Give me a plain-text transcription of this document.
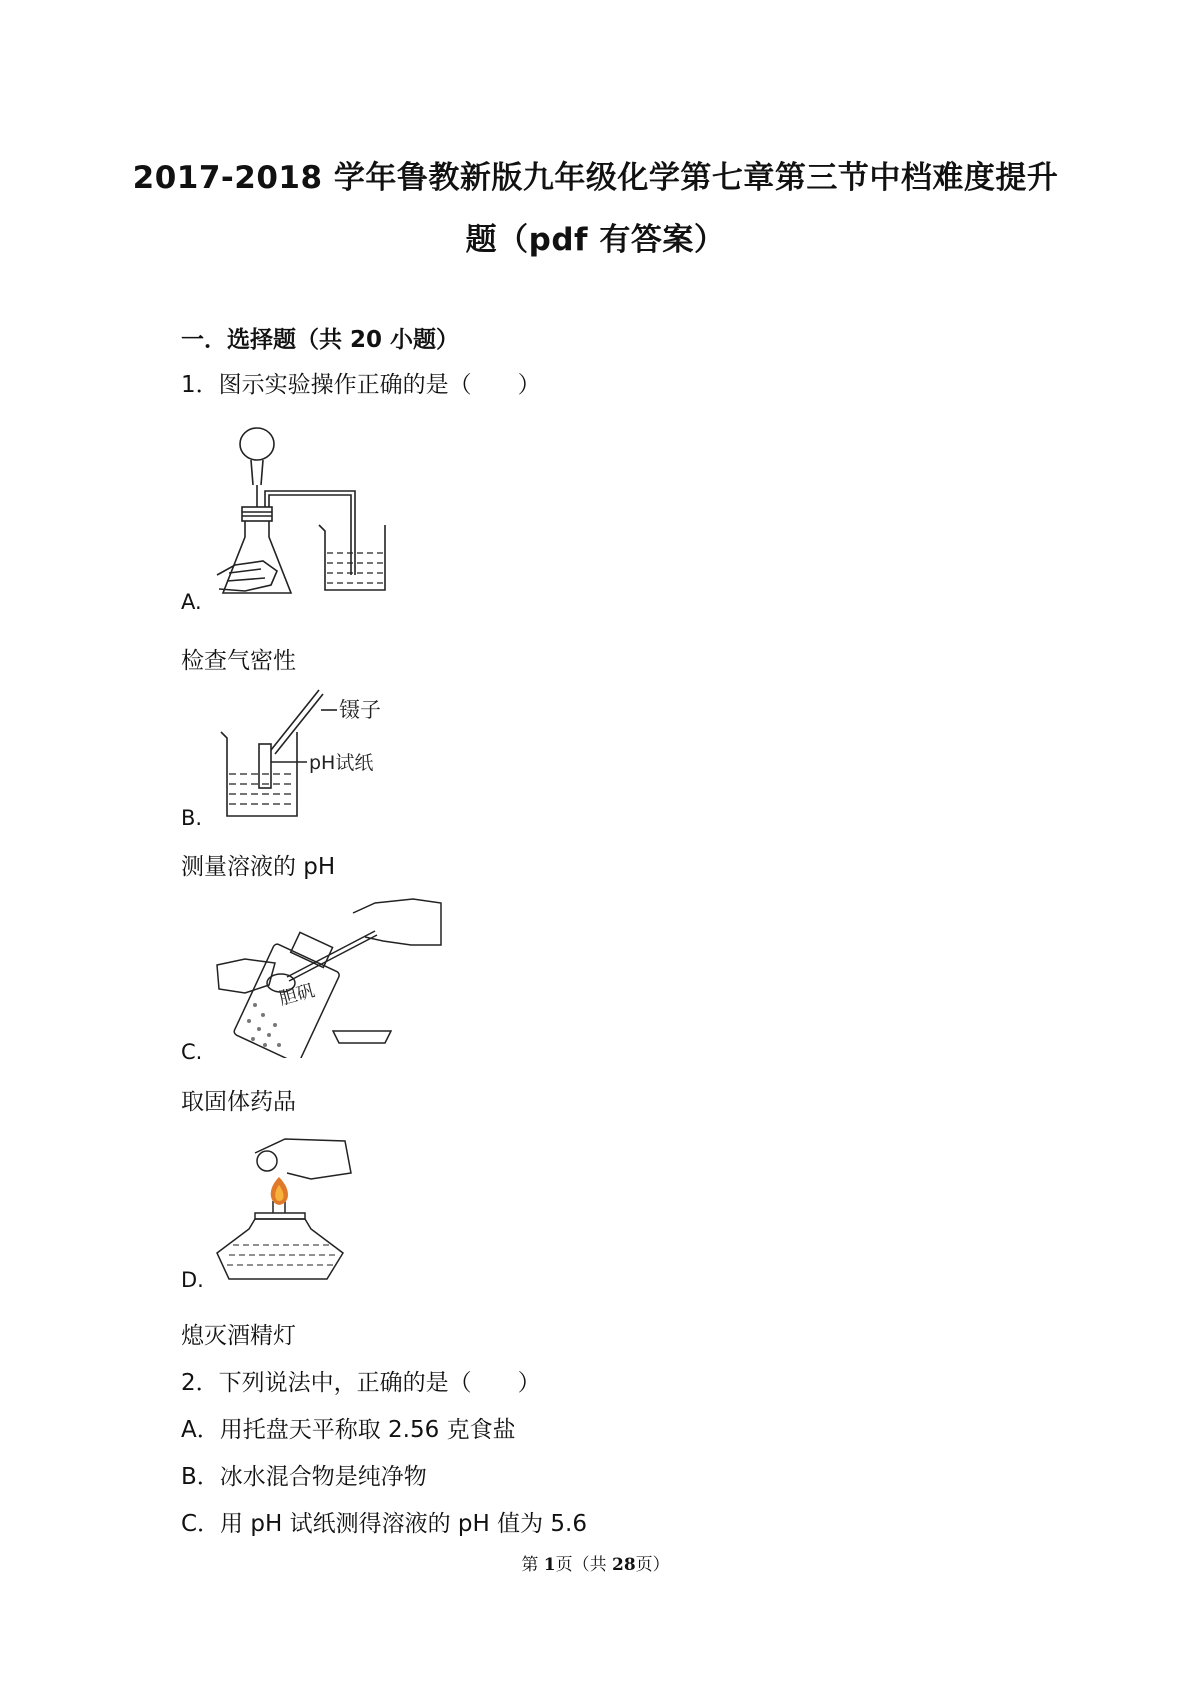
2017-2018 学年鲁教新版九年级化学第七章第三节中档难度提升
题（pdf 有答案）
一．选择题（共 20 小题）
1．图示实验操作正确的是（　　）
A.
检查气密性
镊子
pH试纸
B.
测量溶液的 pH
胆矾
C.
取固体药品
D.
熄灭酒精灯
2．下列说法中，正确的是（　　）
A．用托盘天平称取 2.56 克食盐
B．冰水混合物是纯净物
C．用 pH 试纸测得溶液的 pH 值为 5.6
第 1页（共 28页）
